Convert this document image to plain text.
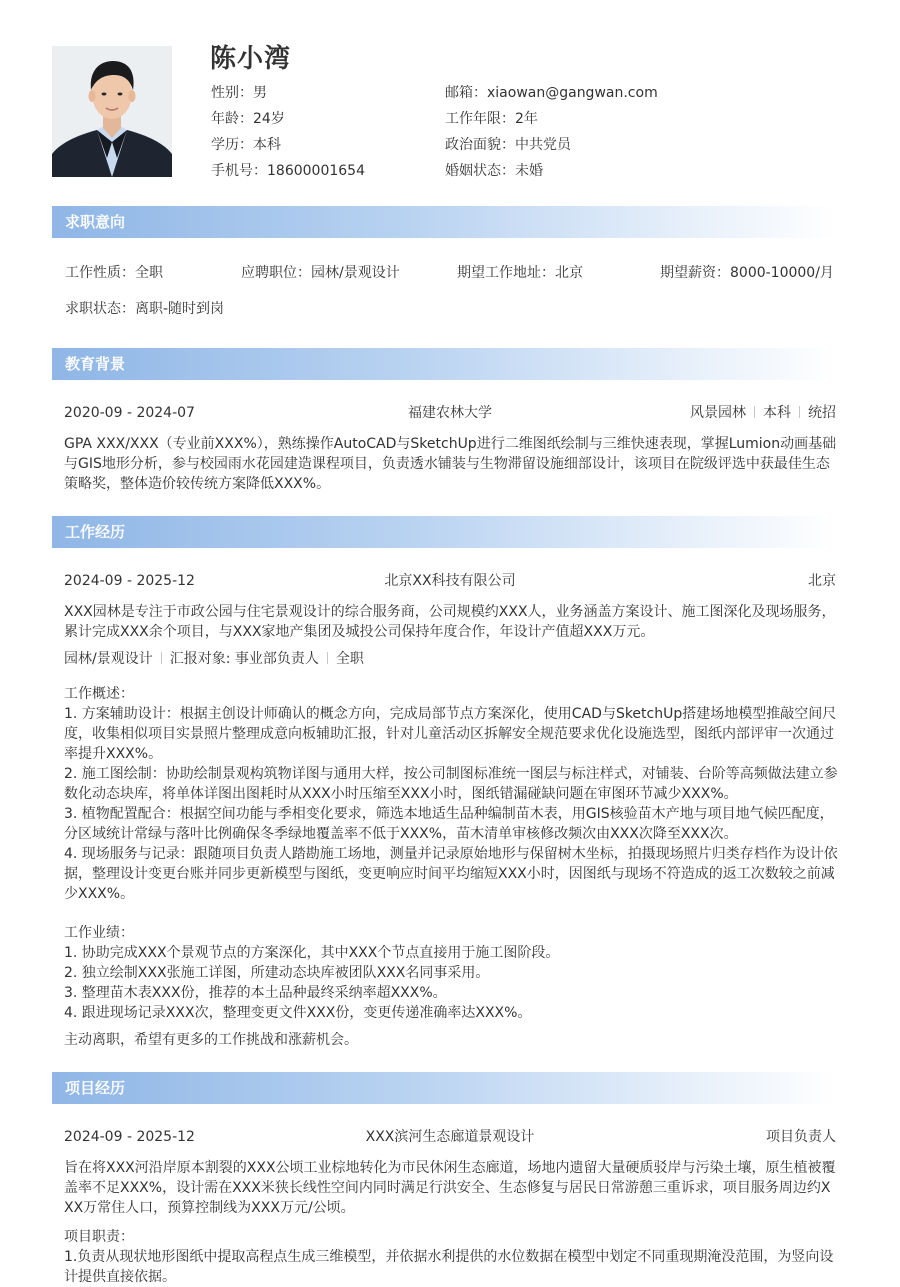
陈小湾
性别：男	邮箱：xiaowan@gangwan.com
年龄：24岁	工作年限：2年
学历：本科	政治面貌：中共党员
手机号：18600001654	婚姻状态：未婚
求职意向
工作性质：全职	应聘职位：园林/景观设计	期望工作地址：北京	期望薪资：8000-10000/月
求职状态：离职-随时到岗
教育背景
福建农林大学
2020-09 - 2024-07	风景园林 本科 统招
GPA XXX/XXX（专业前XXX%），熟练操作AutoCAD与SketchUp进行二维图纸绘制与三维快速表现，掌握Lumion动画基础与GIS地形分析，参与校园雨水花园建造课程项目，负责透水铺装与生物滞留设施细部设计，该项目在院级评选中获最佳生态策略奖，整体造价较传统方案降低XXX%。
工作经历
北京XX科技有限公司
2024-09 - 2025-12	北京
XXX园林是专注于市政公园与住宅景观设计的综合服务商，公司规模约XXX人，业务涵盖方案设计、施工图深化及现场服务，累计完成XXX余个项目，与XXX家地产集团及城投公司保持年度合作，年设计产值超XXX万元。
园林/景观设计 汇报对象: 事业部负责人 全职
工作概述：
1. 方案辅助设计：根据主创设计师确认的概念方向，完成局部节点方案深化，使用CAD与SketchUp搭建场地模型推敲空间尺度，收集相似项目实景照片整理成意向板辅助汇报，针对儿童活动区拆解安全规范要求优化设施选型，图纸内部评审一次通过率提升XXX%。
2. 施工图绘制：协助绘制景观构筑物详图与通用大样，按公司制图标准统一图层与标注样式，对铺装、台阶等高频做法建立参数化动态块库，将单体详图出图耗时从XXX小时压缩至XXX小时，图纸错漏碰缺问题在审图环节减少XXX%。
3. 植物配置配合：根据空间功能与季相变化要求，筛选本地适生品种编制苗木表，用GIS核验苗木产地与项目地气候匹配度，分区域统计常绿与落叶比例确保冬季绿地覆盖率不低于XXX%，苗木清单审核修改频次由XXX次降至XXX次。
4. 现场服务与记录：跟随项目负责人踏勘施工场地，测量并记录原始地形与保留树木坐标，拍摄现场照片归类存档作为设计依据，整理设计变更台账并同步更新模型与图纸，变更响应时间平均缩短XXX小时，因图纸与现场不符造成的返工次数较之前减少XXX%。
工作业绩：
1. 协助完成XXX个景观节点的方案深化，其中XXX个节点直接用于施工图阶段。
2. 独立绘制XXX张施工详图，所建动态块库被团队XXX名同事采用。
3. 整理苗木表XXX份，推荐的本土品种最终采纳率超XXX%。
4. 跟进现场记录XXX次，整理变更文件XXX份，变更传递准确率达XXX%。
主动离职，希望有更多的工作挑战和涨薪机会。
项目经历
XXX滨河生态廊道景观设计
2024-09 - 2025-12	项目负责人
旨在将XXX河沿岸原本割裂的XXX公顷工业棕地转化为市民休闲生态廊道，场地内遗留大量硬质驳岸与污染土壤，原生植被覆盖率不足XXX%，设计需在XXX米狭长线性空间内同时满足行洪安全、生态修复与居民日常游憩三重诉求，项目服务周边约XXX万常住人口，预算控制线为XXX万元/公顷。
项目职责：
1.负责从现状地形图纸中提取高程点生成三维模型，并依据水利提供的水位数据在模型中划定不同重现期淹没范围，为竖向设计提供直接依据。
